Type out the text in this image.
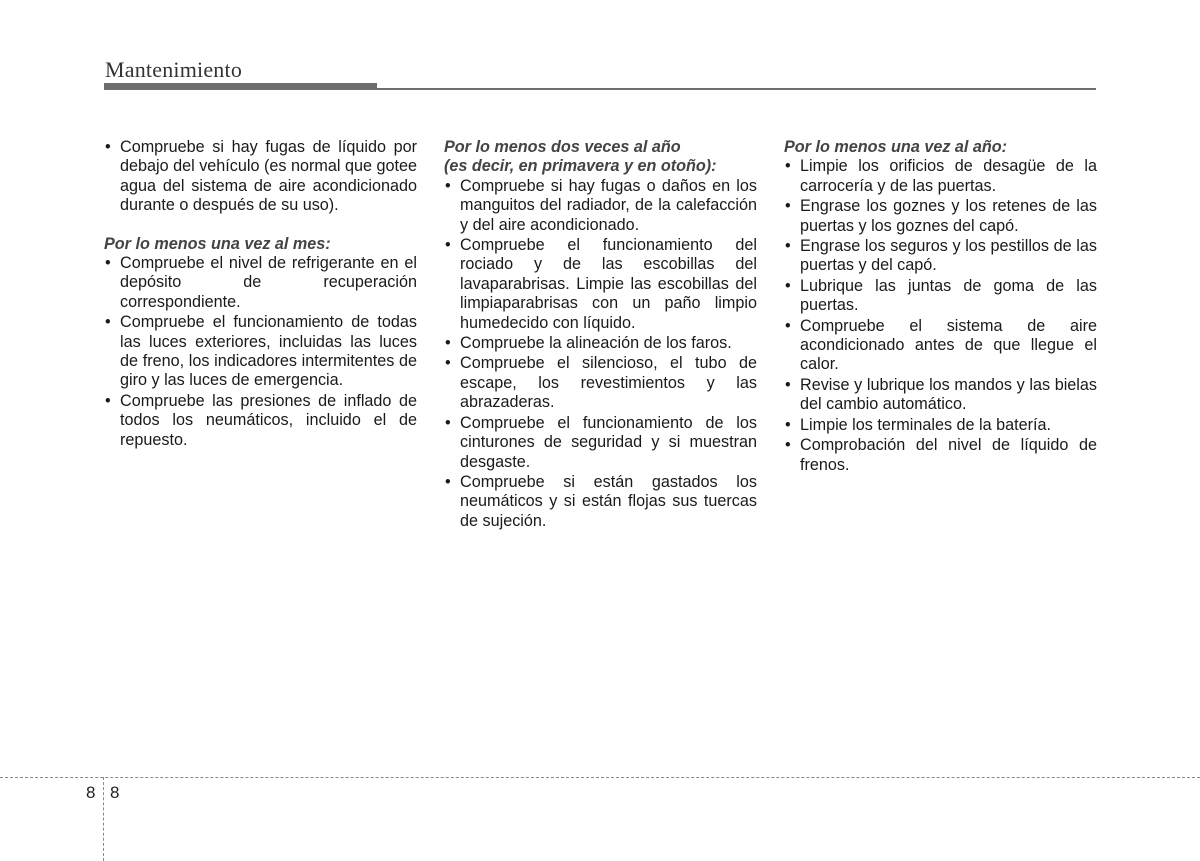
Mantenimiento
• Compruebe si hay fugas de líquido por debajo del vehículo (es normal que gotee agua del sistema de aire acondicionado durante o después de su uso).

Por lo menos una vez al mes:

• Compruebe el nivel de refrigerante en el depósito de recuperación correspondiente.
• Compruebe el funcionamiento de todas las luces exteriores, incluidas las luces de freno, los indicadores intermitentes de giro y las luces de emergencia.
• Compruebe las presiones de inflado de todos los neumáticos, incluido el de repuesto.

Por lo menos dos veces al año
(es decir, en primavera y en otoño):

• Compruebe si hay fugas o daños en los manguitos del radiador, de la calefacción y del aire acondicionado.
• Compruebe el funcionamiento del rociado y de las escobillas del lavaparabrisas. Limpie las escobillas del limpiaparabrisas con un paño limpio humedecido con líquido.
• Compruebe la alineación de los faros.
• Compruebe el silencioso, el tubo de escape, los revestimientos y las abrazaderas.
• Compruebe el funcionamiento de los cinturones de seguridad y si muestran desgaste.
• Compruebe si están gastados los neumáticos y si están flojas sus tuercas de sujeción.

Por lo menos una vez al año:

• Limpie los orificios de desagüe de la carrocería y de las puertas.
• Engrase los goznes y los retenes de las puertas y los goznes del capó.
• Engrase los seguros y los pestillos de las puertas y del capó.
• Lubrique las juntas de goma de las puertas.
• Compruebe el sistema de aire acondicionado antes de que llegue el calor.
• Revise y lubrique los mandos y las bielas del cambio automático.
• Limpie los terminales de la batería.
• Comprobación del nivel de líquido de frenos.
8 8
